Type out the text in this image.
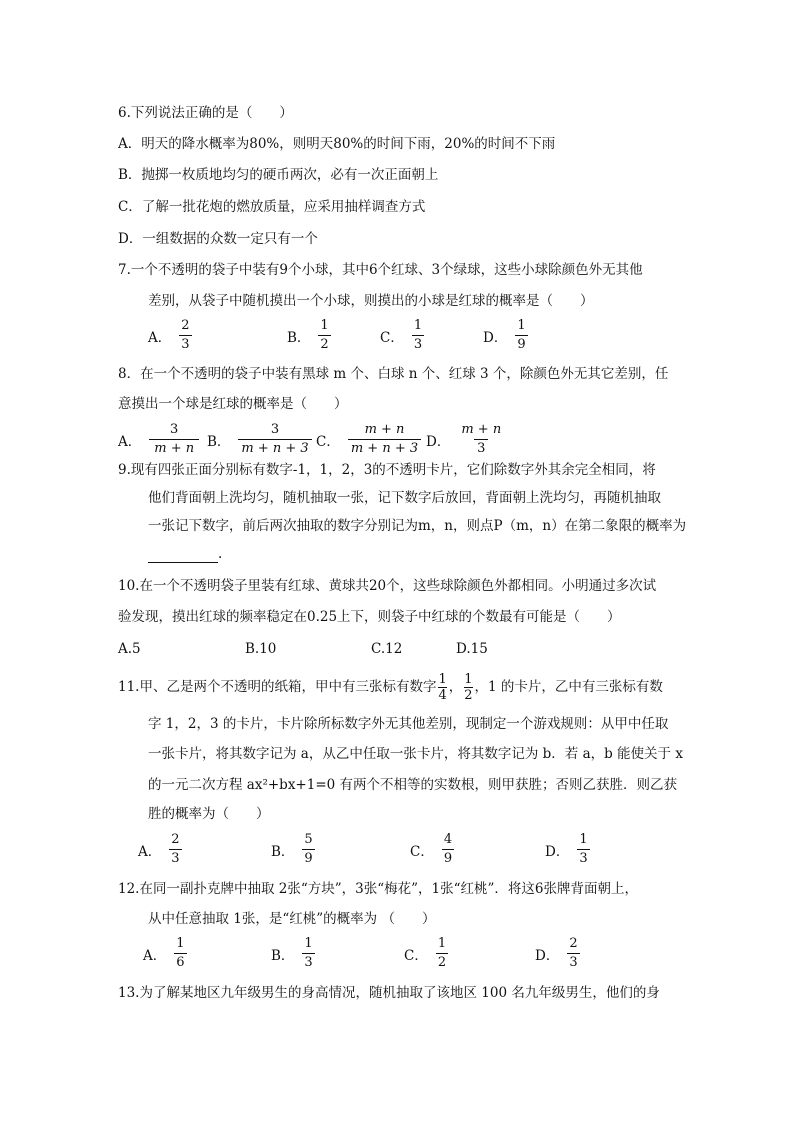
6.下列说法正确的是（　　）
A．明天的降水概率为80%，则明天80%的时间下雨，20%的时间不下雨
B．抛掷一枚质地均匀的硬币两次，必有一次正面朝上
C．了解一批花炮的燃放质量，应采用抽样调查方式
D．一组数据的众数一定只有一个
7.一个不透明的袋子中装有9个小球，其中6个红球、3个绿球，这些小球除颜色外无其他
差别，从袋子中随机摸出一个小球，则摸出的小球是红球的概率是（　　）
A． $\frac{2}{3}$	B． $\frac{1}{2}$	C． $\frac{1}{3}$	D． $\frac{1}{9}$
8．在一个不透明的袋子中装有黑球 m 个、白球 n 个、红球 3 个，除颜色外无其它差别，任
意摸出一个球是红球的概率是（　　）
A． $\frac{3}{m + n}$ B． $\frac{3}{m + n + 3}$ C． $\frac{m + n}{m + n + 3}$ D． $\frac{m + n}{3}$
9.现有四张正面分别标有数字-1，1，2，3的不透明卡片，它们除数字外其余完全相同，将
他们背面朝上洗均匀，随机抽取一张，记下数字后放回，背面朝上洗均匀，再随机抽取
一张记下数字，前后两次抽取的数字分别记为m，n，则点P（m，n）在第二象限的概率为
.
10.在一个不透明袋子里装有红球、黄球共20个，这些球除颜色外都相同。小明通过多次试
验发现，摸出红球的频率稳定在0.25上下，则袋子中红球的个数最有可能是（　　）
A.5	B.10	C.12	D.15
11.甲、乙是两个不透明的纸箱，甲中有三张标有数字 $\frac{1}{4}$ ， $\frac{1}{2}$ ，1 的卡片，乙中有三张标有数
字 1，2，3 的卡片，卡片除所标数字外无其他差别，现制定一个游戏规则：从甲中任取
一张卡片，将其数字记为 a，从乙中任取一张卡片，将其数字记为 b．若 a，b 能使关于 x
的一元二次方程 ax²+bx+1=0 有两个不相等的实数根，则甲获胜；否则乙获胜．则乙获
胜的概率为（　　）
A． $\frac{2}{3}$	B． $\frac{5}{9}$	C． $\frac{4}{9}$	D． $\frac{1}{3}$
12.在同一副扑克牌中抽取 2张“方块”，3张“梅花”，1张“红桃”．将这6张牌背面朝上，
从中任意抽取 1张，是“红桃”的概率为 （　　）
A． $\frac{1}{6}$	B． $\frac{1}{3}$	C． $\frac{1}{2}$	D． $\frac{2}{3}$
13.为了解某地区九年级男生的身高情况，随机抽取了该地区 100 名九年级男生，他们的身
